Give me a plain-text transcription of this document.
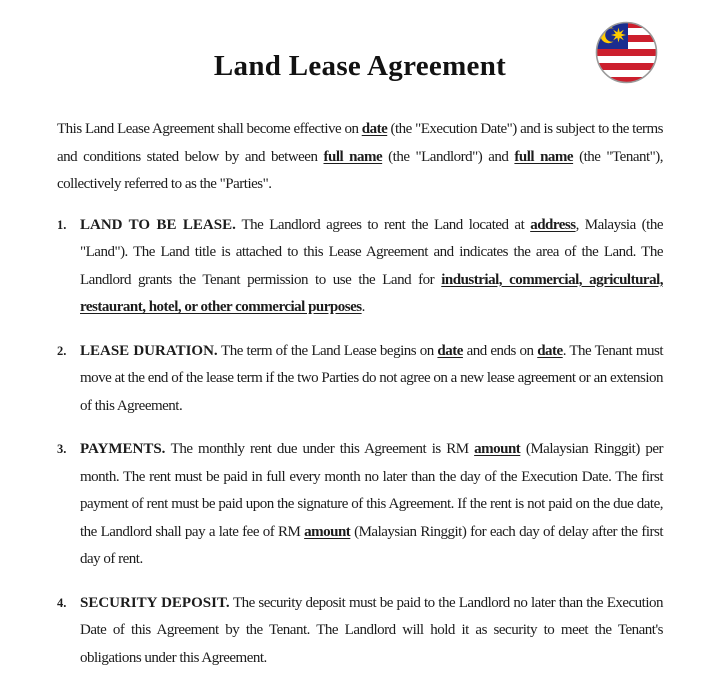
Land Lease Agreement

This Land Lease Agreement shall become effective on date (the "Execution Date") and is subject to the terms and conditions stated below by and between full name (the "Landlord") and full name (the "Tenant"), collectively referred to as the "Parties".

1. LAND TO BE LEASE. The Landlord agrees to rent the Land located at address, Malaysia (the "Land"). The Land title is attached to this Lease Agreement and indicates the area of the Land. The Landlord grants the Tenant permission to use the Land for industrial, commercial, agricultural, restaurant, hotel, or other commercial purposes.

2. LEASE DURATION. The term of the Land Lease begins on date and ends on date. The Tenant must move at the end of the lease term if the two Parties do not agree on a new lease agreement or an extension of this Agreement.

3. PAYMENTS. The monthly rent due under this Agreement is RM amount (Malaysian Ringgit) per month. The rent must be paid in full every month no later than the day of the Execution Date. The first payment of rent must be paid upon the signature of this Agreement. If the rent is not paid on the due date, the Landlord shall pay a late fee of RM amount (Malaysian Ringgit) for each day of delay after the first day of rent.

4. SECURITY DEPOSIT. The security deposit must be paid to the Landlord no later than the Execution Date of this Agreement by the Tenant. The Landlord will hold it as security to meet the Tenant's obligations under this Agreement.
